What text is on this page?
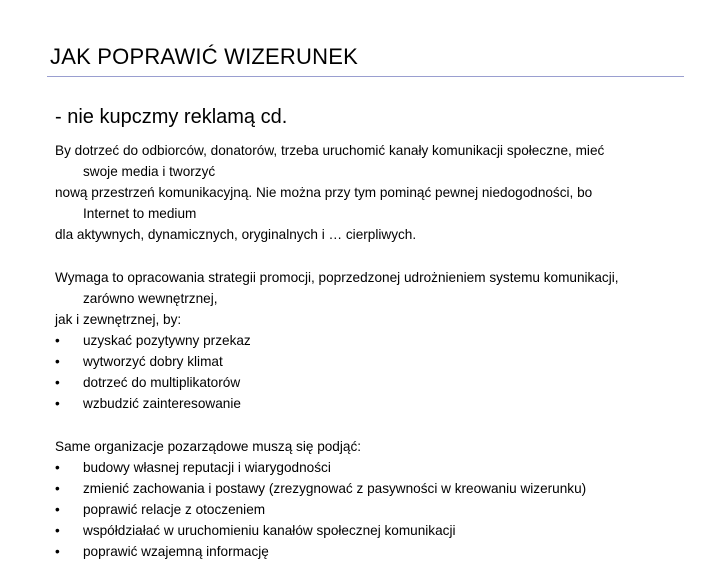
JAK POPRAWIĆ WIZERUNEK
- nie kupczmy reklamą cd.
By dotrzeć do odbiorców, donatorów, trzeba uruchomić kanały komunikacji społeczne, mieć
swoje media i tworzyć
nową przestrzeń komunikacyjną. Nie można przy tym pominąć pewnej niedogodności, bo
Internet to medium
dla aktywnych, dynamicznych, oryginalnych i … cierpliwych.
Wymaga to opracowania strategii promocji, poprzedzonej udrożnieniem systemu komunikacji,
zarówno wewnętrznej,
jak i zewnętrznej, by:
•	uzyskać pozytywny przekaz
•	wytworzyć dobry klimat
•	dotrzeć do multiplikatorów
•	wzbudzić zainteresowanie
Same organizacje pozarządowe muszą się podjąć:
•	budowy własnej reputacji i wiarygodności
•	zmienić zachowania i postawy (zrezygnować z pasywności w kreowaniu wizerunku)
•	poprawić relacje z otoczeniem
•	współdziałać w uruchomieniu kanałów społecznej komunikacji
•	poprawić wzajemną informację
